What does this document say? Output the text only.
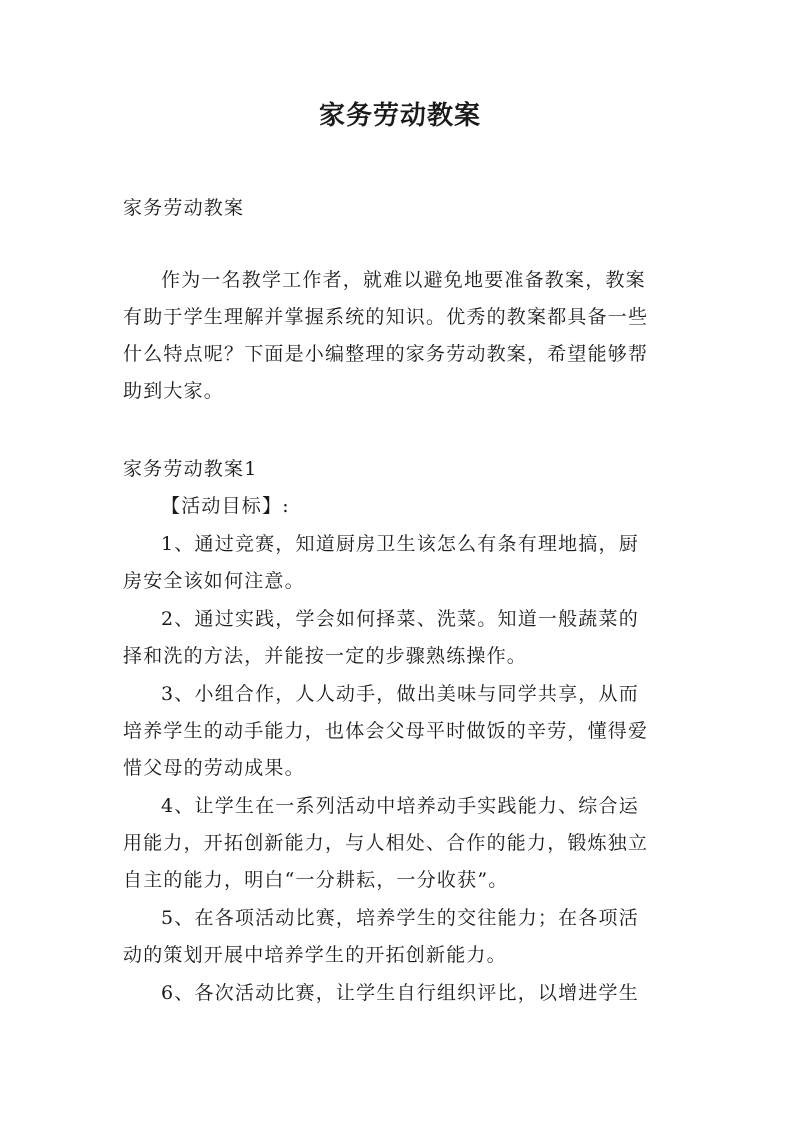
家务劳动教案
家务劳动教案
作为一名教学工作者，就难以避免地要准备教案，教案
有助于学生理解并掌握系统的知识。优秀的教案都具备一些
什么特点呢？下面是小编整理的家务劳动教案，希望能够帮
助到大家。
家务劳动教案1
【活动目标】:
1、通过竞赛，知道厨房卫生该怎么有条有理地搞，厨
房安全该如何注意。
2、通过实践，学会如何择菜、洗菜。知道一般蔬菜的
择和洗的方法，并能按一定的步骤熟练操作。
3、小组合作，人人动手，做出美味与同学共享，从而
培养学生的动手能力，也体会父母平时做饭的辛劳，懂得爱
惜父母的劳动成果。
4、让学生在一系列活动中培养动手实践能力、综合运
用能力，开拓创新能力，与人相处、合作的能力，锻炼独立
自主的能力，明白“一分耕耘，一分收获”。
5、在各项活动比赛，培养学生的交往能力；在各项活
动的策划开展中培养学生的开拓创新能力。
6、各次活动比赛，让学生自行组织评比，以增进学生
